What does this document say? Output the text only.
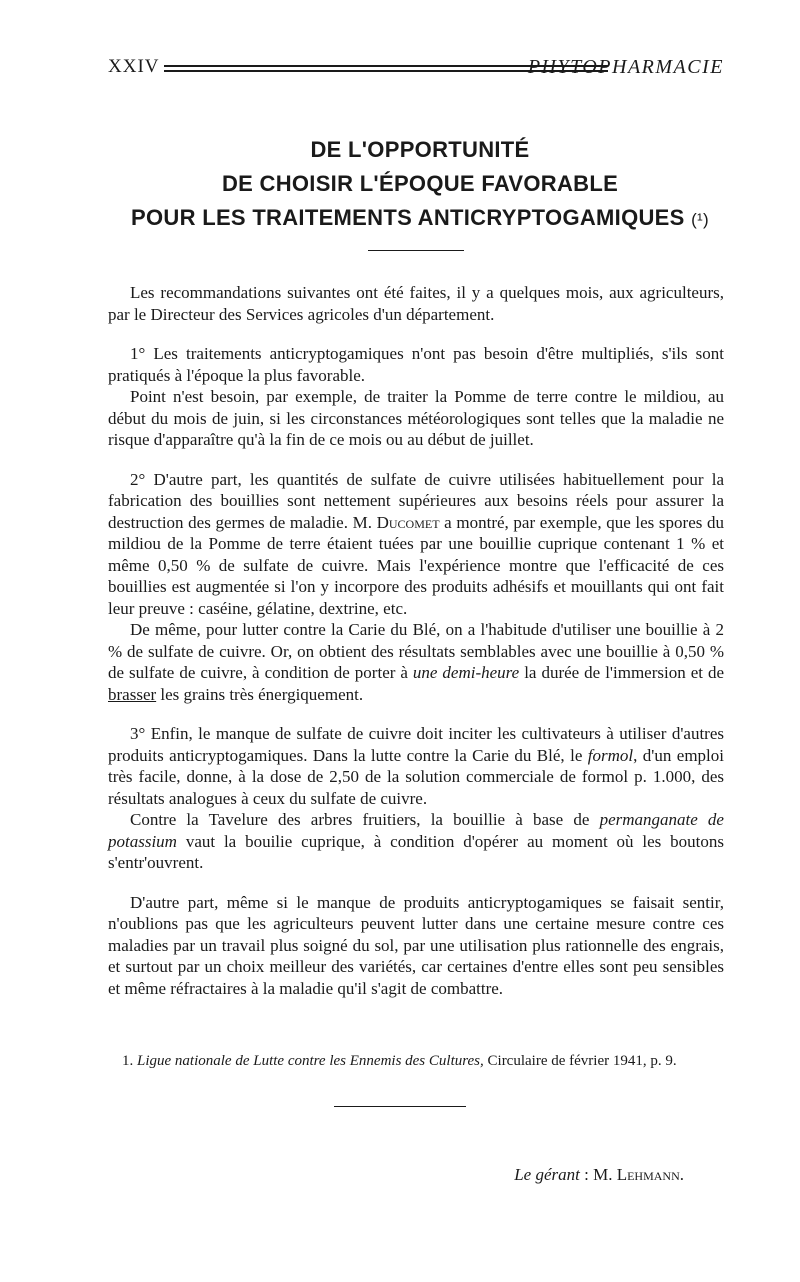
XXIV	PHYTOPHARMACIE
DE L'OPPORTUNITÉ
DE CHOISIR L'ÉPOQUE FAVORABLE
POUR LES TRAITEMENTS ANTICRYPTOGAMIQUES (¹)

Les recommandations suivantes ont été faites, il y a quelques mois, aux agriculteurs, par le Directeur des Services agricoles d'un département.

1° Les traitements anticryptogamiques n'ont pas besoin d'être multipliés, s'ils sont pratiqués à l'époque la plus favorable.

Point n'est besoin, par exemple, de traiter la Pomme de terre contre le mildiou, au début du mois de juin, si les circonstances météorologiques sont telles que la maladie ne risque d'apparaître qu'à la fin de ce mois ou au début de juillet.

2° D'autre part, les quantités de sulfate de cuivre utilisées habituellement pour la fabrication des bouillies sont nettement supérieures aux besoins réels pour assurer la destruction des germes de maladie. M. Ducomet a montré, par exemple, que les spores du mildiou de la Pomme de terre étaient tuées par une bouillie cuprique contenant 1 % et même 0,50 % de sulfate de cuivre. Mais l'expérience montre que l'efficacité de ces bouillies est augmentée si l'on y incorpore des produits adhésifs et mouillants qui ont fait leur preuve : caséine, gélatine, dextrine, etc.

De même, pour lutter contre la Carie du Blé, on a l'habitude d'utiliser une bouillie à 2 % de sulfate de cuivre. Or, on obtient des résultats semblables avec une bouillie à 0,50 % de sulfate de cuivre, à condition de porter à une demi-heure la durée de l'immersion et de brasser les grains très énergiquement.

3° Enfin, le manque de sulfate de cuivre doit inciter les cultivateurs à utiliser d'autres produits anticryptogamiques. Dans la lutte contre la Carie du Blé, le formol, d'un emploi très facile, donne, à la dose de 2,50 de la solution commerciale de formol p. 1.000, des résultats analogues à ceux du sulfate de cuivre.

Contre la Tavelure des arbres fruitiers, la bouillie à base de permanganate de potassium vaut la bouilie cuprique, à condition d'opérer au moment où les boutons s'entr'ouvrent.

D'autre part, même si le manque de produits anticryptogamiques se faisait sentir, n'oublions pas que les agriculteurs peuvent lutter dans une certaine mesure contre ces maladies par un travail plus soigné du sol, par une utilisation plus rationnelle des engrais, et surtout par un choix meilleur des variétés, car certaines d'entre elles sont peu sensibles et même réfractaires à la maladie qu'il s'agit de combattre.

1. Ligue nationale de Lutte contre les Ennemis des Cultures, Circulaire de février 1941, p. 9.

Le gérant : M. Lehmann.
